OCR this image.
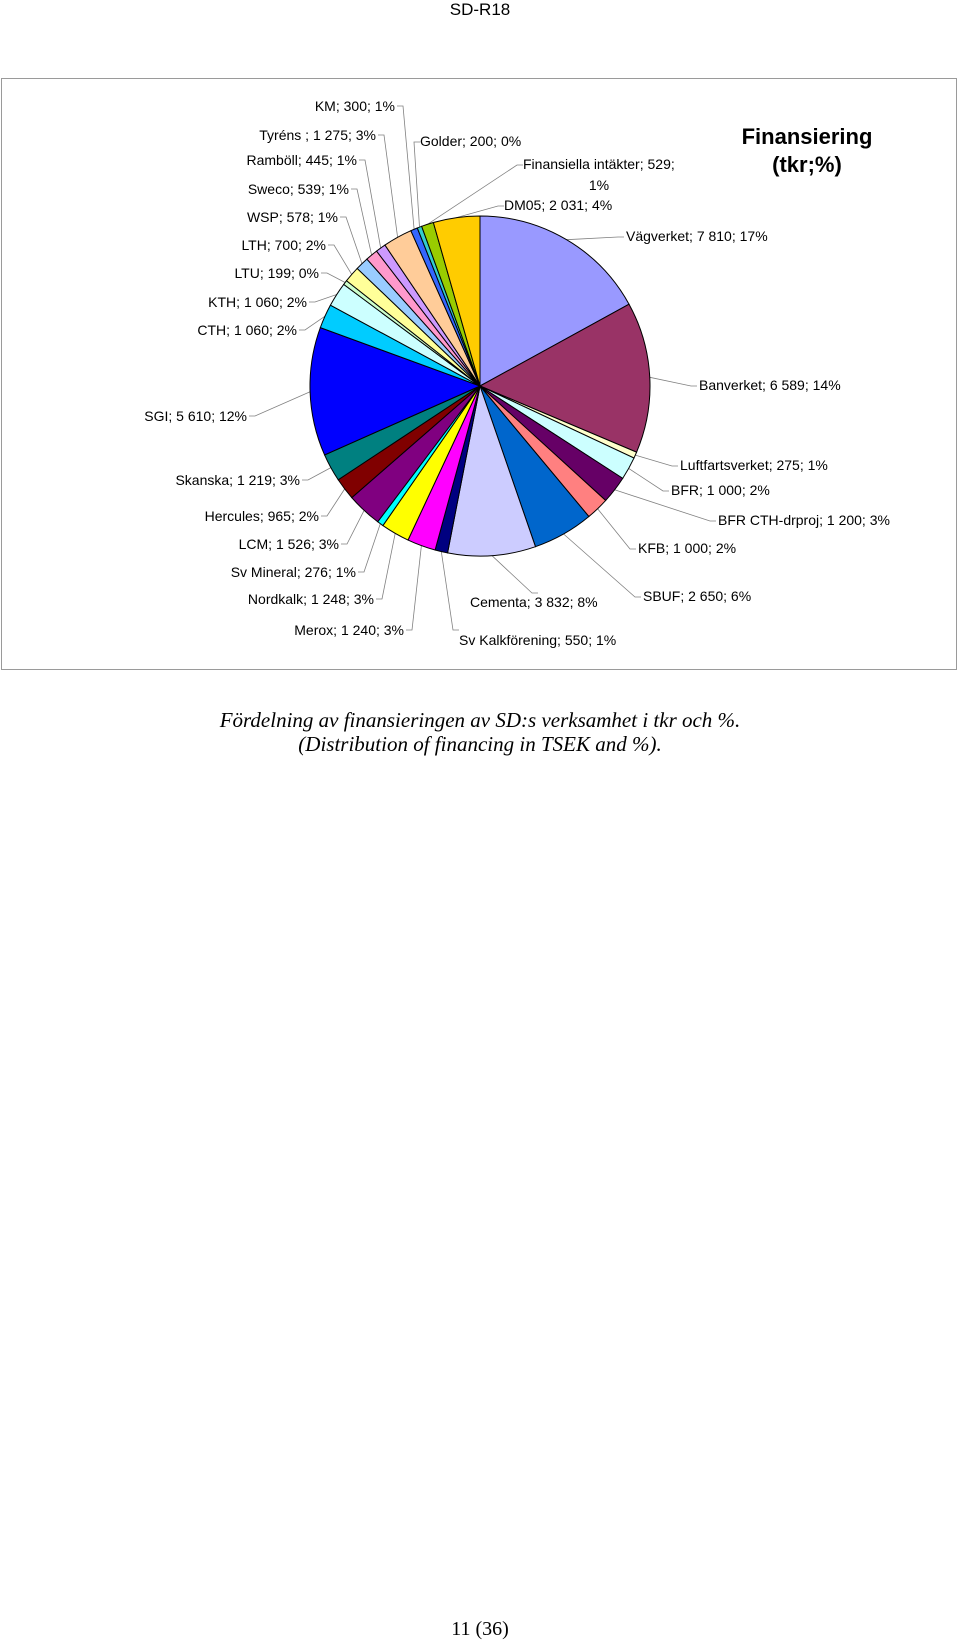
SD-R18
Vägverket; 7 810; 17%
Banverket; 6 589; 14%
Luftfartsverket; 275; 1%
BFR; 1 000; 2%
BFR CTH-drproj; 1 200; 3%
KFB; 1 000; 2%
SBUF; 2 650; 6%
Cementa; 3 832; 8%
Sv Kalkförening; 550; 1%
Merox; 1 240; 3%
Nordkalk; 1 248; 3%
Sv Mineral; 276; 1%
LCM; 1 526; 3%
Hercules; 965; 2%
Skanska; 1 219; 3%
SGI; 5 610; 12%
CTH; 1 060; 2%
KTH; 1 060; 2%
LTU; 199; 0%
LTH; 700; 2%
WSP; 578; 1%
Sweco; 539; 1%
Ramböll; 445; 1%
Tyréns ; 1 275; 3%
KM; 300; 1%
Golder; 200; 0%
Finansiella intäkter; 529;
1%
DM05; 2 031; 4%
Finansiering
(tkr;%)
Fördelning av finansieringen av SD:s verksamhet i tkr och %.
(Distribution of financing in TSEK and %).
11 (36)
